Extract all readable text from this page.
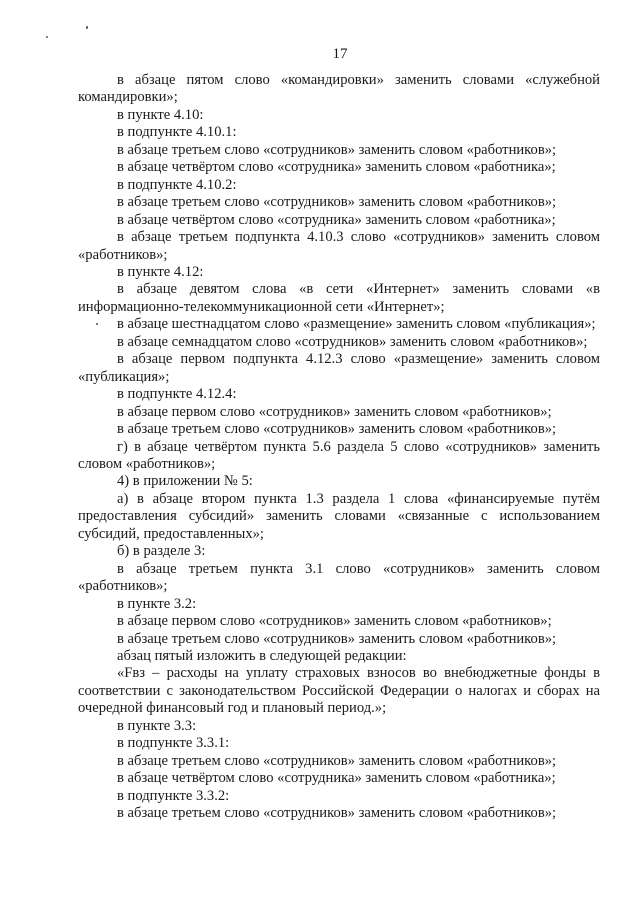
17

в абзаце пятом слово «командировки» заменить словами «служебной командировки»;

в пункте 4.10:

в подпункте 4.10.1:

в абзаце третьем слово «сотрудников» заменить словом «работников»;

в абзаце четвёртом слово «сотрудника» заменить словом «работника»;

в подпункте 4.10.2:

в абзаце третьем слово «сотрудников» заменить словом «работников»;

в абзаце четвёртом слово «сотрудника» заменить словом «работника»;

в абзаце третьем подпункта 4.10.3 слово «сотрудников» заменить словом «работников»;

в пункте 4.12:

в абзаце девятом слова «в сети «Интернет» заменить словами «в информационно-телекоммуникационной сети «Интернет»;

в абзаце шестнадцатом слово «размещение» заменить словом «публикация»;

в абзаце семнадцатом слово «сотрудников» заменить словом «работников»;

в абзаце первом подпункта 4.12.3 слово «размещение» заменить словом «публикация»;

в подпункте 4.12.4:

в абзаце первом слово «сотрудников» заменить словом «работников»;

в абзаце третьем слово «сотрудников» заменить словом «работников»;

г) в абзаце четвёртом пункта 5.6 раздела 5 слово «сотрудников» заменить словом «работников»;

4) в приложении № 5:

а) в абзаце втором пункта 1.3 раздела 1 слова «финансируемые путём предоставления субсидий» заменить словами «связанные с использованием субсидий, предоставленных»;

б) в разделе 3:

в абзаце третьем пункта 3.1 слово «сотрудников» заменить словом «работников»;

в пункте 3.2:

в абзаце первом слово «сотрудников» заменить словом «работников»;

в абзаце третьем слово «сотрудников» заменить словом «работников»;

абзац пятый изложить в следующей редакции:

«Fвз – расходы на уплату страховых взносов во внебюджетные фонды в соответствии с законодательством Российской Федерации о налогах и сборах на очередной финансовый год и плановый период.»;

в пункте 3.3:

в подпункте 3.3.1:

в абзаце третьем слово «сотрудников» заменить словом «работников»;

в абзаце четвёртом слово «сотрудника» заменить словом «работника»;

в подпункте 3.3.2:

в абзаце третьем слово «сотрудников» заменить словом «работников»;
